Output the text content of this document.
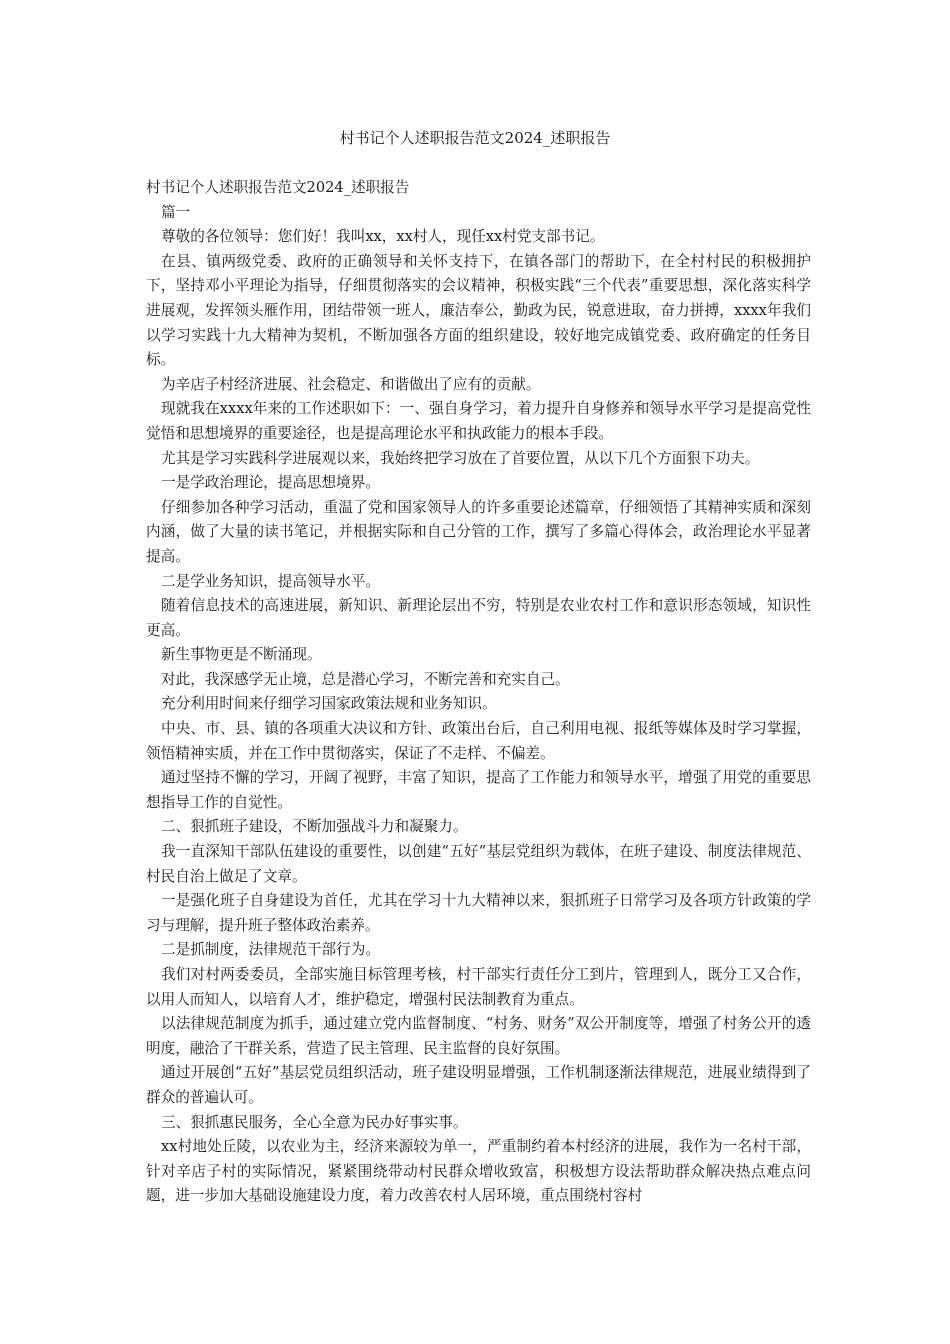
村书记个人述职报告范文2024_述职报告

村书记个人述职报告范文2024_述职报告

篇一

尊敬的各位领导：您们好！我叫xx，xx村人，现任xx村党支部书记。

在县、镇两级党委、政府的正确领导和关怀支持下，在镇各部门的帮助下，在全村村民的积极拥护下，坚持邓小平理论为指导，仔细贯彻落实的会议精神，积极实践“三个代表”重要思想，深化落实科学进展观，发挥领头雁作用，团结带领一班人，廉洁奉公，勤政为民，锐意进取，奋力拼搏，xxxx年我们以学习实践十九大精神为契机，不断加强各方面的组织建设，较好地完成镇党委、政府确定的任务目标。

为辛店子村经济进展、社会稳定、和谐做出了应有的贡献。

现就我在xxxx年来的工作述职如下：一、强自身学习，着力提升自身修养和领导水平学习是提高党性觉悟和思想境界的重要途径，也是提高理论水平和执政能力的根本手段。

尤其是学习实践科学进展观以来，我始终把学习放在了首要位置，从以下几个方面狠下功夫。

一是学政治理论，提高思想境界。

仔细参加各种学习活动，重温了党和国家领导人的许多重要论述篇章，仔细领悟了其精神实质和深刻内涵，做了大量的读书笔记，并根据实际和自己分管的工作，撰写了多篇心得体会，政治理论水平显著提高。

二是学业务知识，提高领导水平。

随着信息技术的高速进展，新知识、新理论层出不穷，特别是农业农村工作和意识形态领域，知识性更高。

新生事物更是不断涌现。

对此，我深感学无止境，总是潜心学习，不断完善和充实自己。

充分利用时间来仔细学习国家政策法规和业务知识。

中央、市、县、镇的各项重大决议和方针、政策出台后，自己利用电视、报纸等媒体及时学习掌握，领悟精神实质，并在工作中贯彻落实，保证了不走样、不偏差。

通过坚持不懈的学习，开阔了视野，丰富了知识，提高了工作能力和领导水平，增强了用党的重要思想指导工作的自觉性。

二、狠抓班子建设，不断加强战斗力和凝聚力。

我一直深知干部队伍建设的重要性，以创建“五好”基层党组织为载体，在班子建设、制度法律规范、村民自治上做足了文章。

一是强化班子自身建设为首任，尤其在学习十九大精神以来，狠抓班子日常学习及各项方针政策的学习与理解，提升班子整体政治素养。

二是抓制度，法律规范干部行为。

我们对村两委委员，全部实施目标管理考核，村干部实行责任分工到片，管理到人，既分工又合作，以用人而知人，以培育人才，维护稳定，增强村民法制教育为重点。

以法律规范制度为抓手，通过建立党内监督制度、“村务、财务”双公开制度等，增强了村务公开的透明度，融洽了干群关系，营造了民主管理、民主监督的良好氛围。

通过开展创“五好”基层党员组织活动，班子建设明显增强，工作机制逐渐法律规范，进展业绩得到了群众的普遍认可。

三、狠抓惠民服务，全心全意为民办好事实事。

xx村地处丘陵，以农业为主，经济来源较为单一，严重制约着本村经济的进展，我作为一名村干部，针对辛店子村的实际情况，紧紧围绕带动村民群众增收致富，积极想方设法帮助群众解决热点难点问题，进一步加大基础设施建设力度，着力改善农村人居环境，重点围绕村容村
